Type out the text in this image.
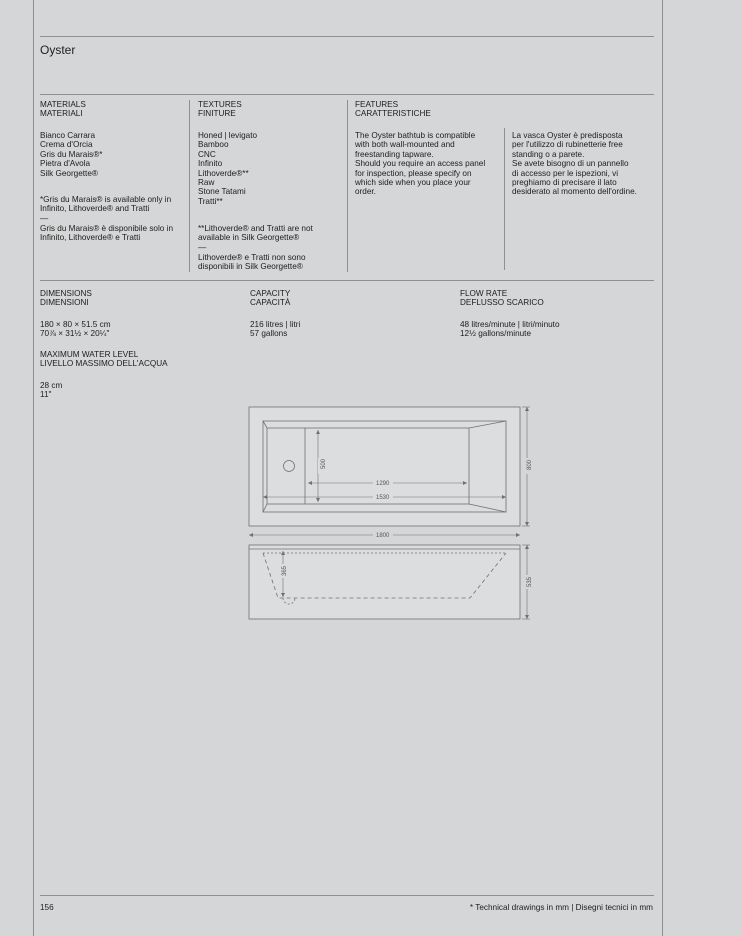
Oyster
MATERIALS
MATERIALI
Bianco Carrara
Crema d'Orcia
Gris du Marais®*
Pietra d'Avola
Silk Georgette®
*Gris du Marais® is available only in
Infinito, Lithoverde® and Tratti
—
Gris du Marais® è disponibile solo in
Infinito, Lithoverde® e Tratti
TEXTURES
FINITURE
Honed | levigato
Bamboo
CNC
Infinito
Lithoverde®**
Raw
Stone Tatami
Tratti**
**Lithoverde® and Tratti are not
available in Silk Georgette®
—
Lithoverde® e Tratti non sono
disponibili in Silk Georgette®
FEATURES
CARATTERISTICHE
The Oyster bathtub is compatible
with both wall-mounted and
freestanding tapware.
Should you require an access panel
for inspection, please specify on
which side when you place your
order.
La vasca Oyster è predisposta
per l'utilizzo di rubinetterie free
standing o a parete.
Se avete bisogno di un pannello
di accesso per le ispezioni, vi
preghiamo di precisare il lato
desiderato al momento dell'ordine.
DIMENSIONS
DIMENSIONI
180 × 80 × 51.5 cm
70⅞ × 31½ × 20¼"
MAXIMUM WATER LEVEL
LIVELLO MASSIMO DELL'ACQUA
28 cm
11"
CAPACITY
CAPACITÀ
216 litres | litri
57 gallons
FLOW RATE
DEFLUSSO SCARICO
48 litres/minute | litri/minuto
12½ gallons/minute
500
1290
1530
800
1800
365
535
156	* Technical drawings in mm | Disegni tecnici in mm
